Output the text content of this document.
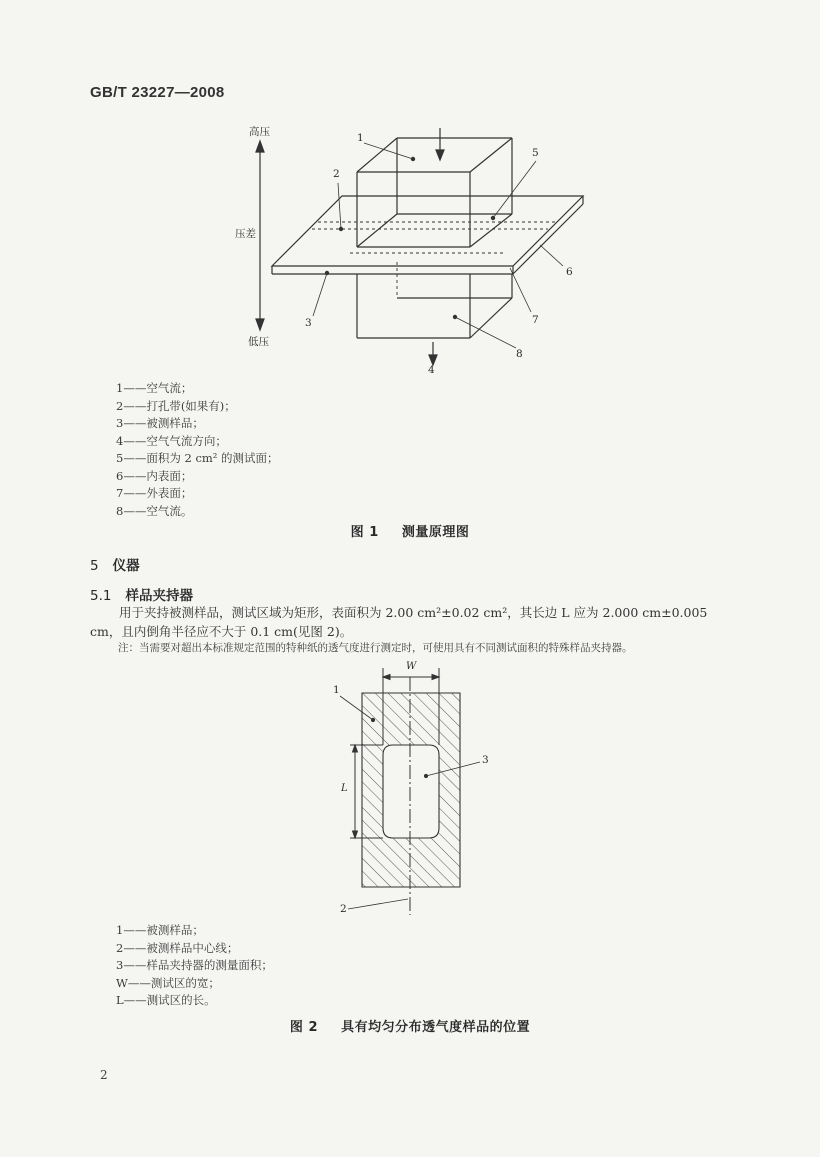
GB/T 23227—2008
高压
压差
低压
1
2
5
6
3	7
8
4
1——空气流；
2——打孔带(如果有)；
3——被测样品；
4——空气气流方向；
5——面积为 2 cm² 的测试面；
6——内表面；
7——外表面；
8——空气流。
图 1 测量原理图
5 仪器
5.1 样品夹持器

用于夹持被测样品，测试区域为矩形，表面积为 2.00 cm²±0.02 cm²，其长边 L 应为 2.000 cm±0.005 cm，且内倒角半径应不大于 0.1 cm(见图 2)。

注：当需要对超出本标准规定范围的特种纸的透气度进行测定时，可使用具有不同测试面积的特殊样品夹持器。
W
L
1
3
2
1——被测样品；
2——被测样品中心线；
3——样品夹持器的测量面积；
W——测试区的宽；
L——测试区的长。
图 2 具有均匀分布透气度样品的位置
2
